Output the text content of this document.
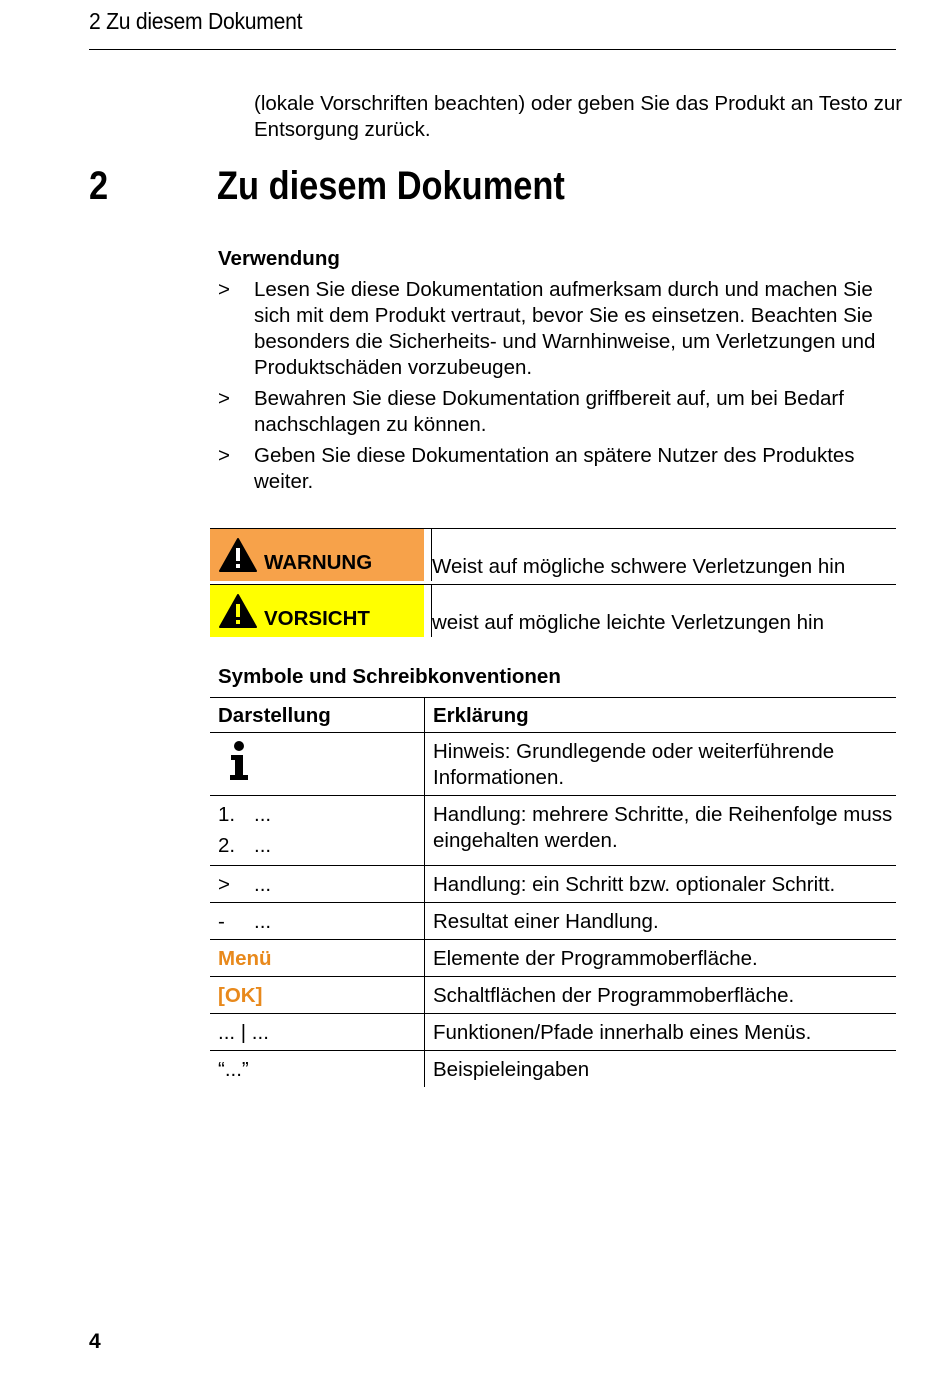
2 Zu diesem Dokument
(lokale Vorschriften beachten) oder geben Sie das Produkt an Testo zur Entsorgung zurück.
2	Zu diesem Dokument
Verwendung
> Lesen Sie diese Dokumentation aufmerksam durch und machen Sie sich mit dem Produkt vertraut, bevor Sie es einsetzen. Beachten Sie besonders die Sicherheits- und Warnhinweise, um Verletzungen und Produktschäden vorzubeugen.
> Bewahren Sie diese Dokumentation griffbereit auf, um bei Bedarf nachschlagen zu können.
> Geben Sie diese Dokumentation an spätere Nutzer des Produktes weiter.
WARNUNG	Weist auf mögliche schwere Verletzungen hin
VORSICHT	weist auf mögliche leichte Verletzungen hin
Symbole und Schreibkonventionen
Darstellung	Erklärung
	Hinweis: Grundlegende oder weiterführende Informationen.

1. ...
2. ...	Handlung: mehrere Schritte, die Reihenfolge muss eingehalten werden.

> ...	Handlung: ein Schritt bzw. optionaler Schritt.

- ...	Resultat einer Handlung.
Menü	Elemente der Programmoberfläche.
[OK]	Schaltflächen der Programmoberfläche.
... | ...	Funktionen/Pfade innerhalb eines Menüs.
“...”	Beispieleingaben
4
